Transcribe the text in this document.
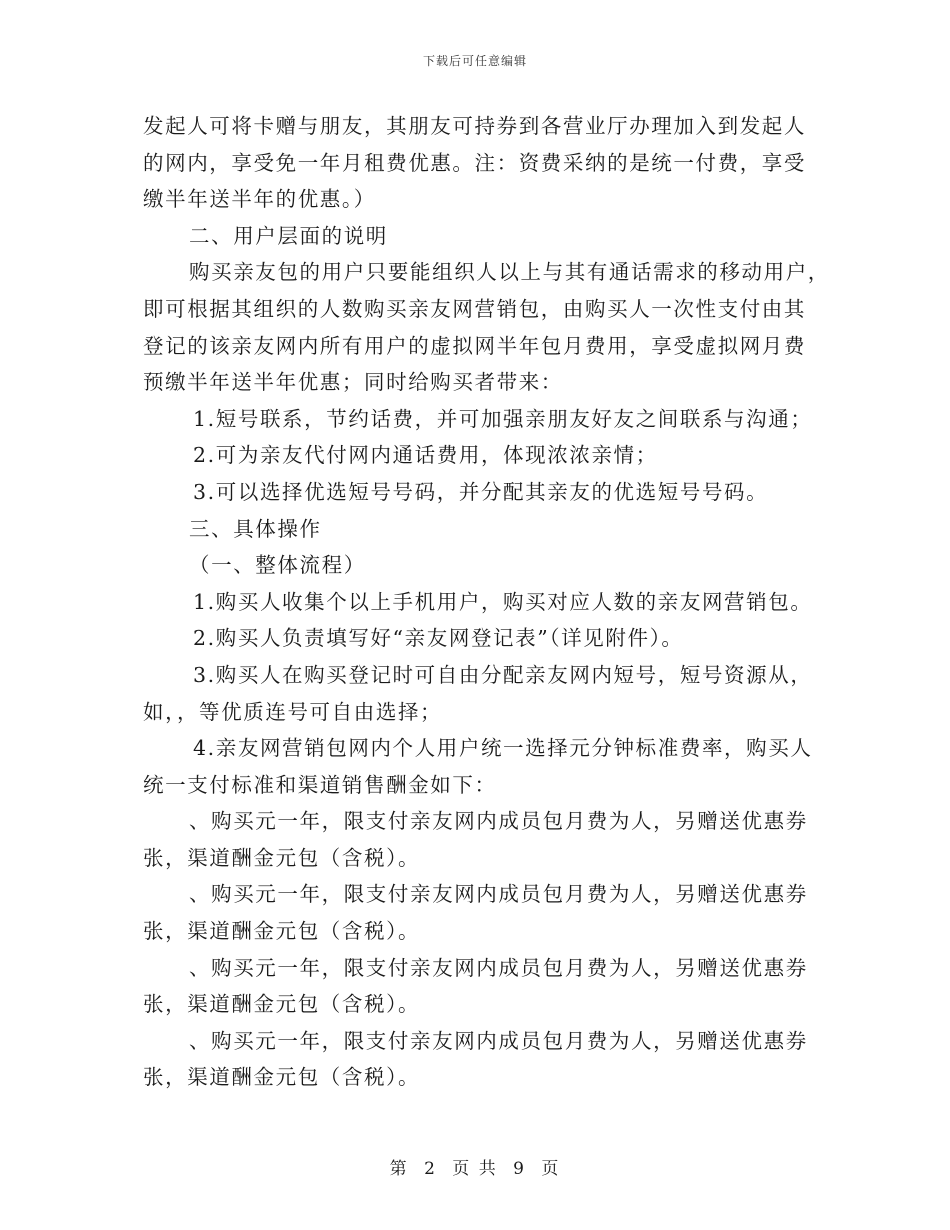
下载后可任意编辑
发起人可将卡赠与朋友，其朋友可持券到各营业厅办理加入到发起人
的网内，享受免一年月租费优惠。注：资费采纳的是统一付费，享受
缴半年送半年的优惠。）
二、用户层面的说明
购买亲友包的用户只要能组织人以上与其有通话需求的移动用户，
即可根据其组织的人数购买亲友网营销包，由购买人一次性支付由其
登记的该亲友网内所有用户的虚拟网半年包月费用，享受虚拟网月费
预缴半年送半年优惠；同时给购买者带来：
1.短号联系，节约话费，并可加强亲朋友好友之间联系与沟通；
2.可为亲友代付网内通话费用，体现浓浓亲情；
3.可以选择优选短号号码，并分配其亲友的优选短号号码。
三、具体操作
（一、整体流程）
1.购买人收集个以上手机用户，购买对应人数的亲友网营销包。
2.购买人负责填写好“亲友网登记表”（详见附件）。
3.购买人在购买登记时可自由分配亲友网内短号，短号资源从，
如，，等优质连号可自由选择；
4.亲友网营销包网内个人用户统一选择元分钟标准费率，购买人
统一支付标准和渠道销售酬金如下：
、购买元一年，限支付亲友网内成员包月费为人，另赠送优惠券
张，渠道酬金元包（含税）。
、购买元一年，限支付亲友网内成员包月费为人，另赠送优惠券
张，渠道酬金元包（含税）。
、购买元一年，限支付亲友网内成员包月费为人，另赠送优惠券
张，渠道酬金元包（含税）。
、购买元一年，限支付亲友网内成员包月费为人，另赠送优惠券
张，渠道酬金元包（含税）。
第 2 页 共 9 页
